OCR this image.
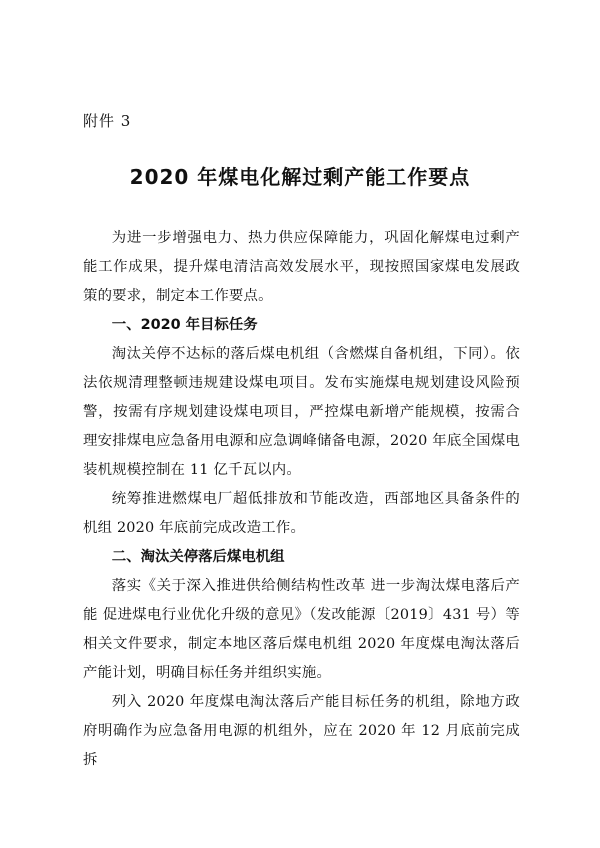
附件 3
2020 年煤电化解过剩产能工作要点

为进一步增强电力、热力供应保障能力，巩固化解煤电过剩产能工作成果，提升煤电清洁高效发展水平，现按照国家煤电发展政策的要求，制定本工作要点。

一、2020 年目标任务

淘汰关停不达标的落后煤电机组（含燃煤自备机组，下同）。依法依规清理整顿违规建设煤电项目。发布实施煤电规划建设风险预警，按需有序规划建设煤电项目，严控煤电新增产能规模，按需合理安排煤电应急备用电源和应急调峰储备电源，2020 年底全国煤电装机规模控制在 11 亿千瓦以内。

统筹推进燃煤电厂超低排放和节能改造，西部地区具备条件的机组 2020 年底前完成改造工作。

二、淘汰关停落后煤电机组

落实《关于深入推进供给侧结构性改革 进一步淘汰煤电落后产能 促进煤电行业优化升级的意见》（发改能源〔2019〕431 号）等相关文件要求，制定本地区落后煤电机组 2020 年度煤电淘汰落后产能计划，明确目标任务并组织实施。

列入 2020 年度煤电淘汰落后产能目标任务的机组，除地方政府明确作为应急备用电源的机组外，应在 2020 年 12 月底前完成拆
